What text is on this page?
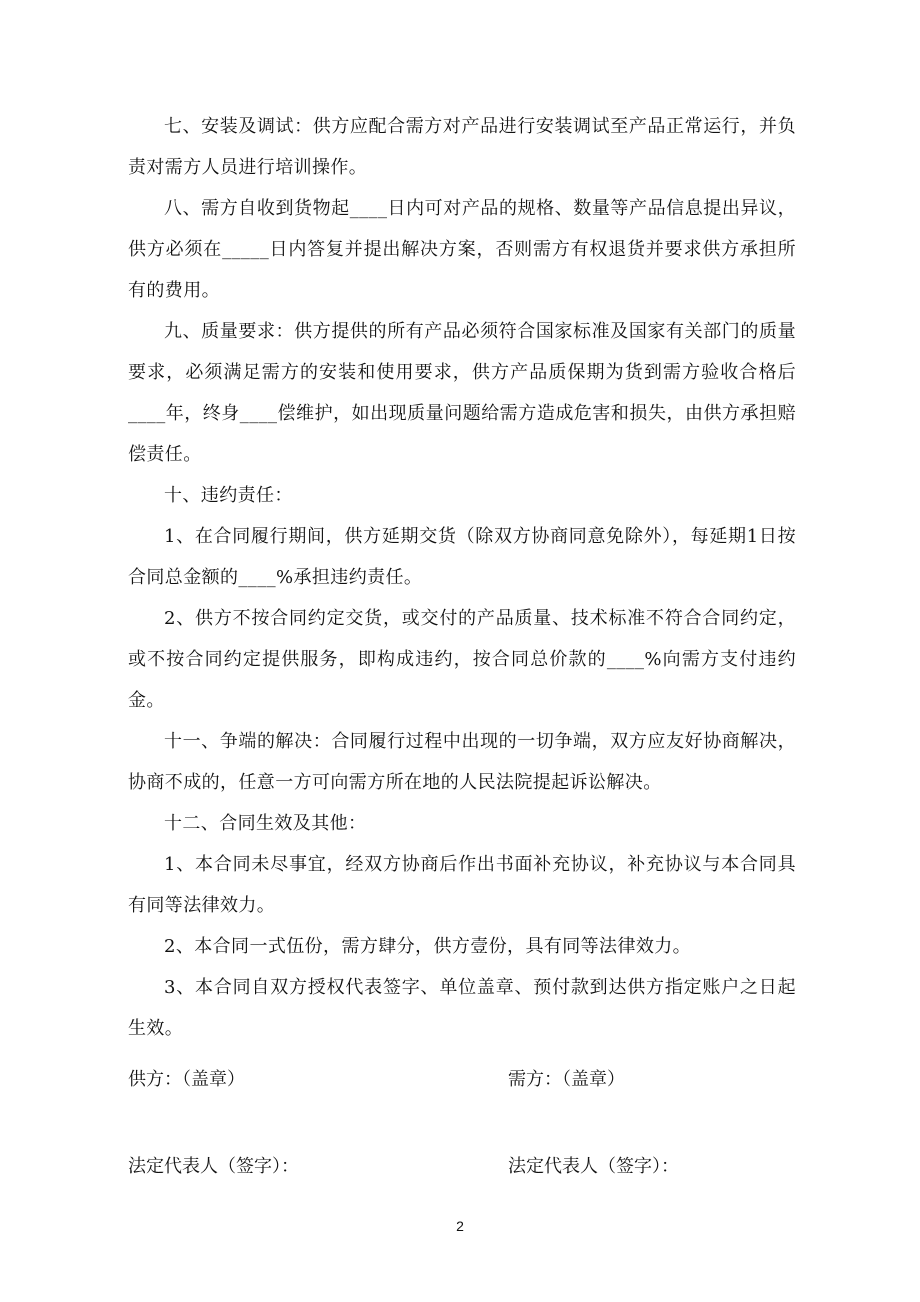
七、安装及调试：供方应配合需方对产品进行安装调试至产品正常运行，并负责对需方人员进行培训操作。

八、需方自收到货物起____日内可对产品的规格、数量等产品信息提出异议，供方必须在_____日内答复并提出解决方案，否则需方有权退货并要求供方承担所有的费用。

九、质量要求：供方提供的所有产品必须符合国家标准及国家有关部门的质量要求，必须满足需方的安装和使用要求，供方产品质保期为货到需方验收合格后____年，终身____偿维护，如出现质量问题给需方造成危害和损失，由供方承担赔偿责任。

十、违约责任：

1、在合同履行期间，供方延期交货（除双方协商同意免除外），每延期1日按合同总金额的____%承担违约责任。

2、供方不按合同约定交货，或交付的产品质量、技术标准不符合合同约定，或不按合同约定提供服务，即构成违约，按合同总价款的____%向需方支付违约金。

十一、争端的解决：合同履行过程中出现的一切争端，双方应友好协商解决，协商不成的，任意一方可向需方所在地的人民法院提起诉讼解决。

十二、合同生效及其他：

1、本合同未尽事宜，经双方协商后作出书面补充协议，补充协议与本合同具有同等法律效力。

2、本合同一式伍份，需方肆分，供方壹份，具有同等法律效力。

3、本合同自双方授权代表签字、单位盖章、预付款到达供方指定账户之日起生效。

供方：（盖章）	需方：（盖章）
法定代表人（签字）：	法定代表人（签字）：
2
